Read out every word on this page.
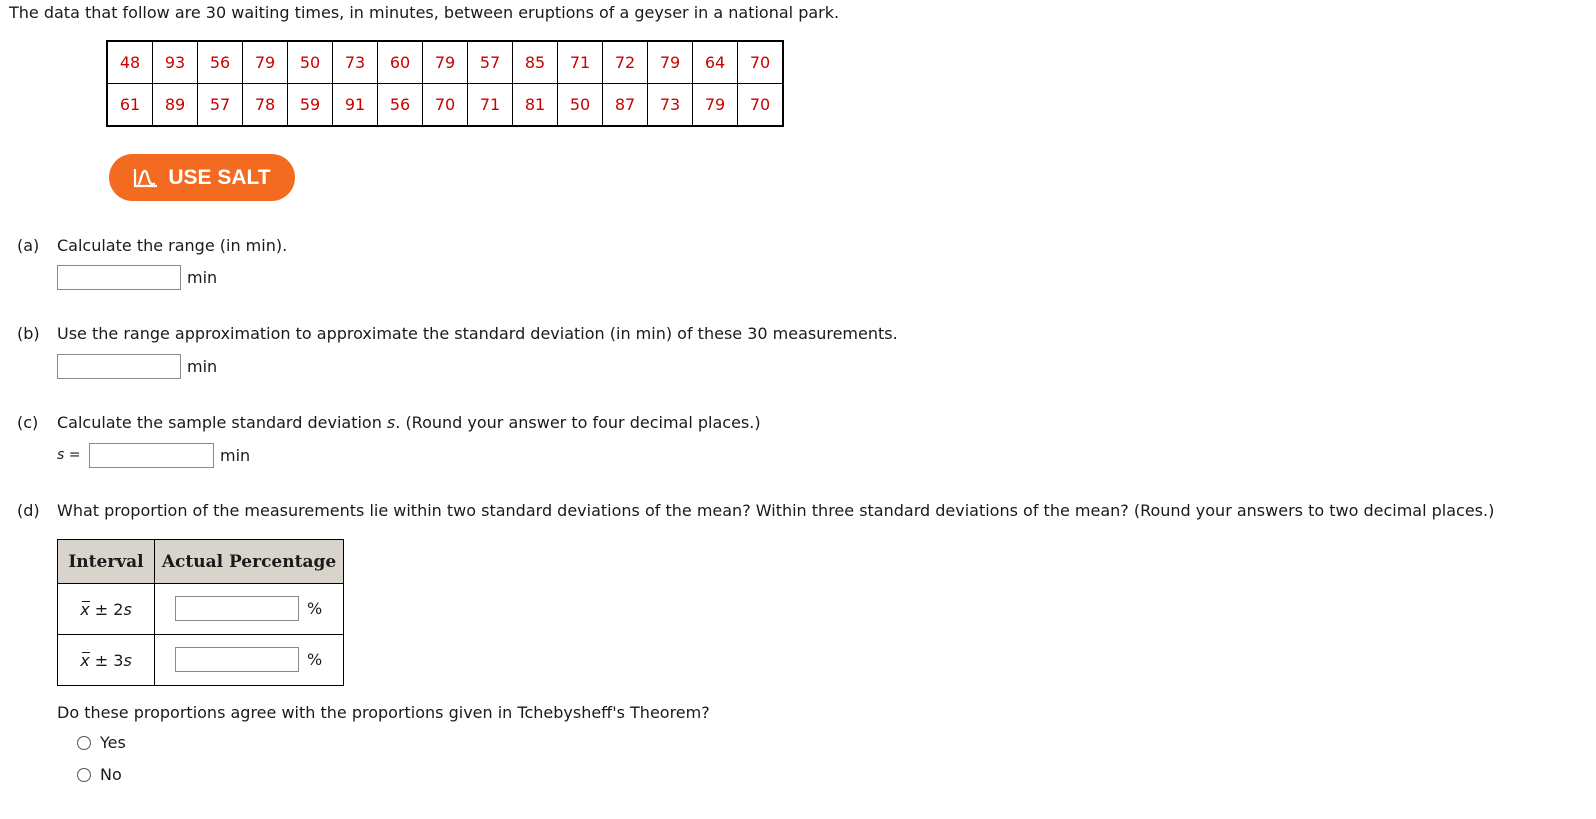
The data that follow are 30 waiting times, in minutes, between eruptions of a geyser in a national park.
48	93	56	79	50	73	60	79	57	85	71	72	79	64	70
61	89	57	78	59	91	56	70	71	81	50	87	73	79	70
USE SALT
(a) Calculate the range (in min).
min
(b) Use the range approximation to approximate the standard deviation (in min) of these 30 measurements.
min
(c) Calculate the sample standard deviation s. (Round your answer to four decimal places.)
s =	min
(d) What proportion of the measurements lie within two standard deviations of the mean? Within three standard deviations of the mean? (Round your answers to two decimal places.)
Interval	Actual Percentage
x ± 2s	%

x ± 3s	%
Do these proportions agree with the proportions given in Tchebysheff's Theorem?
Yes
No
